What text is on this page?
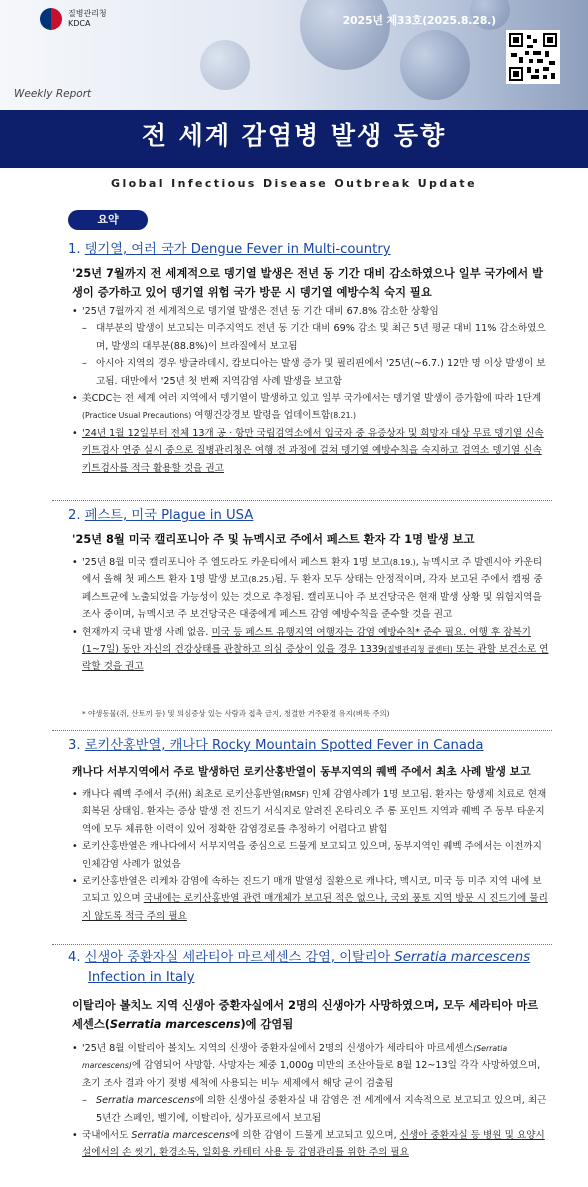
질병관리청
KDCA	2025년 제33호(2025.8.28.)
Weekly Report
전 세계 감염병 발생 동향
Global Infectious Disease Outbreak Update
요약
1. 뎅기열, 여러 국가 Dengue Fever in Multi-country
'25년 7월까지 전 세계적으로 뎅기열 발생은 전년 동 기간 대비 감소하였으나 일부 국가에서 발생이 증가하고 있어 뎅기열 위험 국가 방문 시 뎅기열 예방수칙 숙지 필요
• '25년 7월까지 전 세계적으로 뎅기열 발생은 전년 동 기간 대비 67.8% 감소한 상황임
– 대부분의 발생이 보고되는 미주지역도 전년 동 기간 대비 69% 감소 및 최근 5년 평균 대비 11% 감소하였으며, 발생의 대부분(88.8%)이 브라질에서 보고됨
– 아시아 지역의 경우 방글라데시, 캄보디아는 발생 증가 및 필리핀에서 '25년(~6.7.) 12만 명 이상 발생이 보고됨. 대만에서 '25년 첫 번째 지역감염 사례 발생을 보고함
• 美CDC는 전 세계 여러 지역에서 뎅기열이 발생하고 있고 일부 국가에서는 뎅기열 발생이 증가함에 따라 1단계(Practice Usual Precautions) 여행건강경보 발령을 업데이트함(8.21.)
• '24년 1월 12일부터 전체 13개 공 · 항만 국립검역소에서 입국자 중 유증상자 및 희망자 대상 무료 뎅기열 신속키트검사 연중 실시 중으로 질병관리청은 여행 전 과정에 걸쳐 뎅기열 예방수칙을 숙지하고 검역소 뎅기열 신속키트검사를 적극 활용할 것을 권고
2. 페스트, 미국 Plague in USA
'25년 8월 미국 캘리포니아 주 및 뉴멕시코 주에서 페스트 환자 각 1명 발생 보고
• '25년 8월 미국 캘리포니아 주 엘도라도 카운티에서 페스트 환자 1명 보고(8.19.), 뉴멕시코 주 발렌시아 카운티에서 올해 첫 페스트 환자 1명 발생 보고(8.25.)됨. 두 환자 모두 상태는 안정적이며, 각자 보고된 주에서 캠핑 중 페스트균에 노출되었을 가능성이 있는 것으로 추정됨. 캘리포니아 주 보건당국은 현재 발생 상황 및 위험지역을 조사 중이며, 뉴멕시코 주 보건당국은 대중에게 페스트 감염 예방수칙을 준수할 것을 권고
• 현재까지 국내 발생 사례 없음. 미국 등 페스트 유행지역 여행자는 감염 예방수칙* 준수 필요. 여행 후 잠복기(1~7일) 동안 자신의 건강상태를 관찰하고 의심 증상이 있을 경우 1339(질병관리청 콜센터) 또는 관할 보건소로 연락할 것을 권고
* 야생동물(쥐, 산토끼 등) 및 의심증상 있는 사람과 접촉 금지, 청결한 거주환경 유지(벼룩 주의)
3. 로키산홍반열, 캐나다 Rocky Mountain Spotted Fever in Canada
캐나다 서부지역에서 주로 발생하던 로키산홍반열이 동부지역의 퀘벡 주에서 최초 사례 발생 보고
• 캐나다 퀘벡 주에서 주(州) 최초로 로키산홍반열(RMSF) 인체 감염사례가 1명 보고됨. 환자는 항생제 치료로 현재 회복된 상태임. 환자는 증상 발생 전 진드기 서식지로 알려진 온타리오 주 롱 포인트 지역과 퀘벡 주 동부 타운지역에 모두 체류한 이력이 있어 정확한 감염경로를 추정하기 어렵다고 밝힘
• 로키산홍반열은 캐나다에서 서부지역을 중심으로 드물게 보고되고 있으며, 동부지역인 퀘벡 주에서는 이전까지 인체감염 사례가 없었음
• 로키산홍반열은 리케차 감염에 속하는 진드기 매개 발열성 질환으로 캐나다, 멕시코, 미국 등 미주 지역 내에 보고되고 있으며 국내에는 로키산홍반열 관련 매개체가 보고된 적은 없으나, 국외 풍토 지역 방문 시 진드기에 물리지 않도록 적극 주의 필요
4. 신생아 중환자실 세라티아 마르세센스 감염, 이탈리아 Serratia marcescens
Infection in Italy
이탈리아 볼치노 지역 신생아 중환자실에서 2명의 신생아가 사망하였으며, 모두 세라티아 마르세센스(Serratia marcescens)에 감염됨
• '25년 8월 이탈리아 볼치노 지역의 신생아 중환자실에서 2명의 신생아가 세라티아 마르세센스(Serratia marcescens)에 감염되어 사망함. 사망자는 체중 1,000g 미만의 조산아들로 8월 12~13일 각각 사망하였으며, 초기 조사 결과 아기 젖병 세척에 사용되는 비누 세제에서 해당 균이 검출됨
– Serratia marcescens에 의한 신생아실 중환자실 내 감염은 전 세계에서 지속적으로 보고되고 있으며, 최근 5년간 스페인, 벨기에, 이탈리아, 싱가포르에서 보고됨
• 국내에서도 Serratia marcescens에 의한 감염이 드물게 보고되고 있으며, 신생아 중환자실 등 병원 및 요양시설에서의 손 씻기, 환경소독, 일회용 카테터 사용 등 감염관리를 위한 주의 필요
